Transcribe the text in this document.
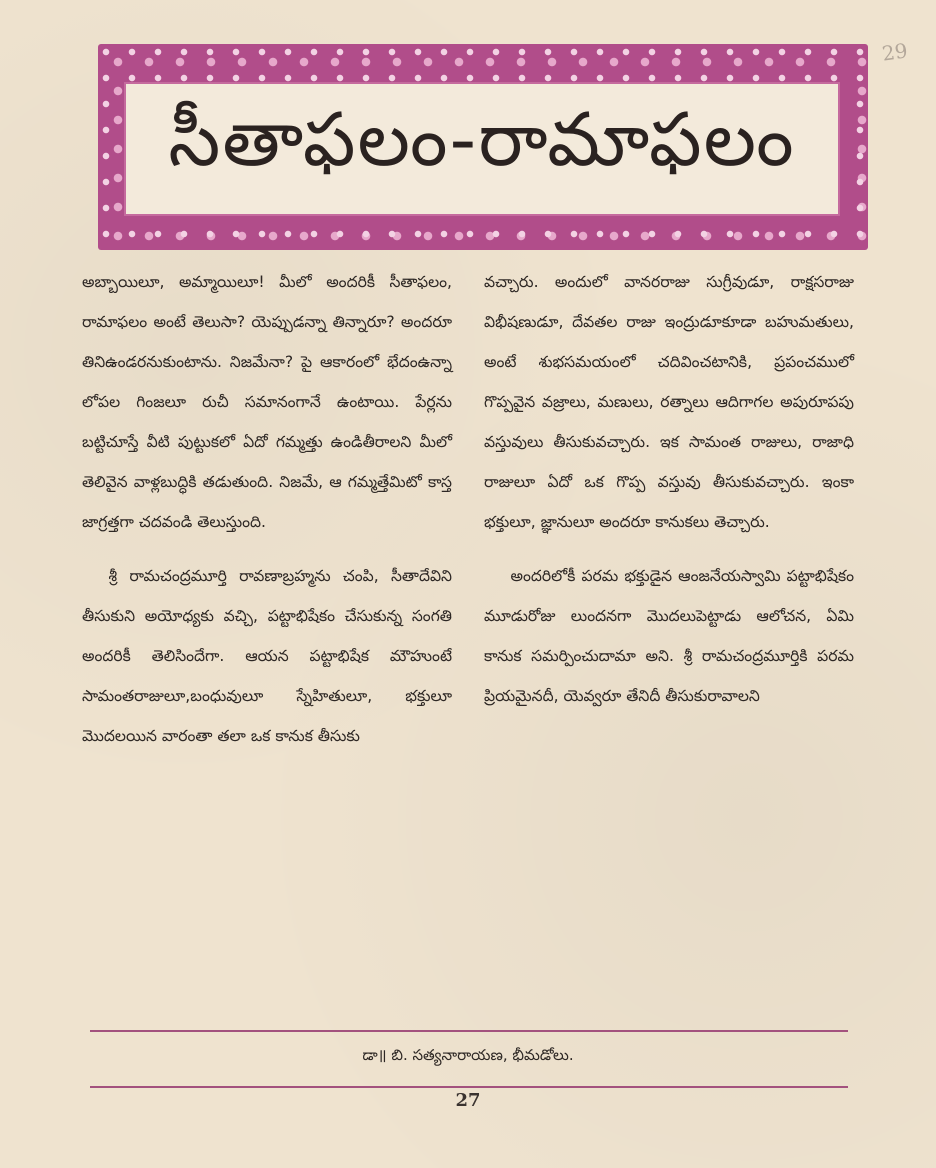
29
సీతాఫలం-రామాఫలం

అబ్బాయిలూ, అమ్మాయిలూ! మీలో అందరికీ సీతాఫలం, రామాఫలం అంటే తెలుసా? యెప్పుడన్నా తిన్నారూ? అందరూ తినిఉండరనుకుంటాను. నిజమేనా? పై ఆకారంలో భేదంఉన్నా లోపల గింజలూ రుచీ సమానంగానే ఉంటాయి. పేర్లను బట్టిచూస్తే వీటి పుట్టుకలో ఏదో గమ్మత్తు ఉండితీరాలని మీలో తెలివైన వాళ్లబుద్ధికి తడుతుంది. నిజమే, ఆ గమ్మత్తేమిటో కాస్త జాగ్రత్తగా చదవండి తెలుస్తుంది.

శ్రీ రామచంద్రమూర్తి రావణాబ్రహ్మను చంపి, సీతాదేవిని తీసుకుని అయోధ్యకు వచ్చి, పట్టాభిషేకం చేసుకున్న సంగతి అందరికీ తెలిసిందేగా. ఆయన పట్టాభిషేక మౌహుంటే సామంతరాజులూ,బంధువులూ స్నేహితులూ, భక్తులూ మొదలయిన వారంతా తలా ఒక కానుక తీసుకు

వచ్చారు. అందులో వానరరాజు సుగ్రీవుడూ, రాక్షసరాజు విభీషణుడూ, దేవతల రాజు ఇంద్రుడూకూడా బహుమతులు, అంటే శుభసమయంలో చదివించటానికి, ప్రపంచములో గొప్పవైన వజ్రాలు, మణులు, రత్నాలు ఆదిగాగల అపురూపపు వస్తువులు తీసుకువచ్చారు. ఇక సామంత రాజులు, రాజాధి రాజులూ ఏదో ఒక గొప్ప వస్తువు తీసుకువచ్చారు. ఇంకా భక్తులూ, జ్ఞానులూ అందరూ కానుకలు తెచ్చారు.

అందరిలోకీ పరమ భక్తుడైన ఆంజనేయస్వామి పట్టాభిషేకం మూడురోజు లుందనగా మొదలుపెట్టాడు ఆలోచన, ఏమి కానుక సమర్పించుదామా అని. శ్రీ రామచంద్రమూర్తికి పరమ ప్రియమైనదీ, యెవ్వరూ తేనిదీ తీసుకురావాలని

డా॥ బి. సత్యనారాయణ, భీమడోలు.
27
